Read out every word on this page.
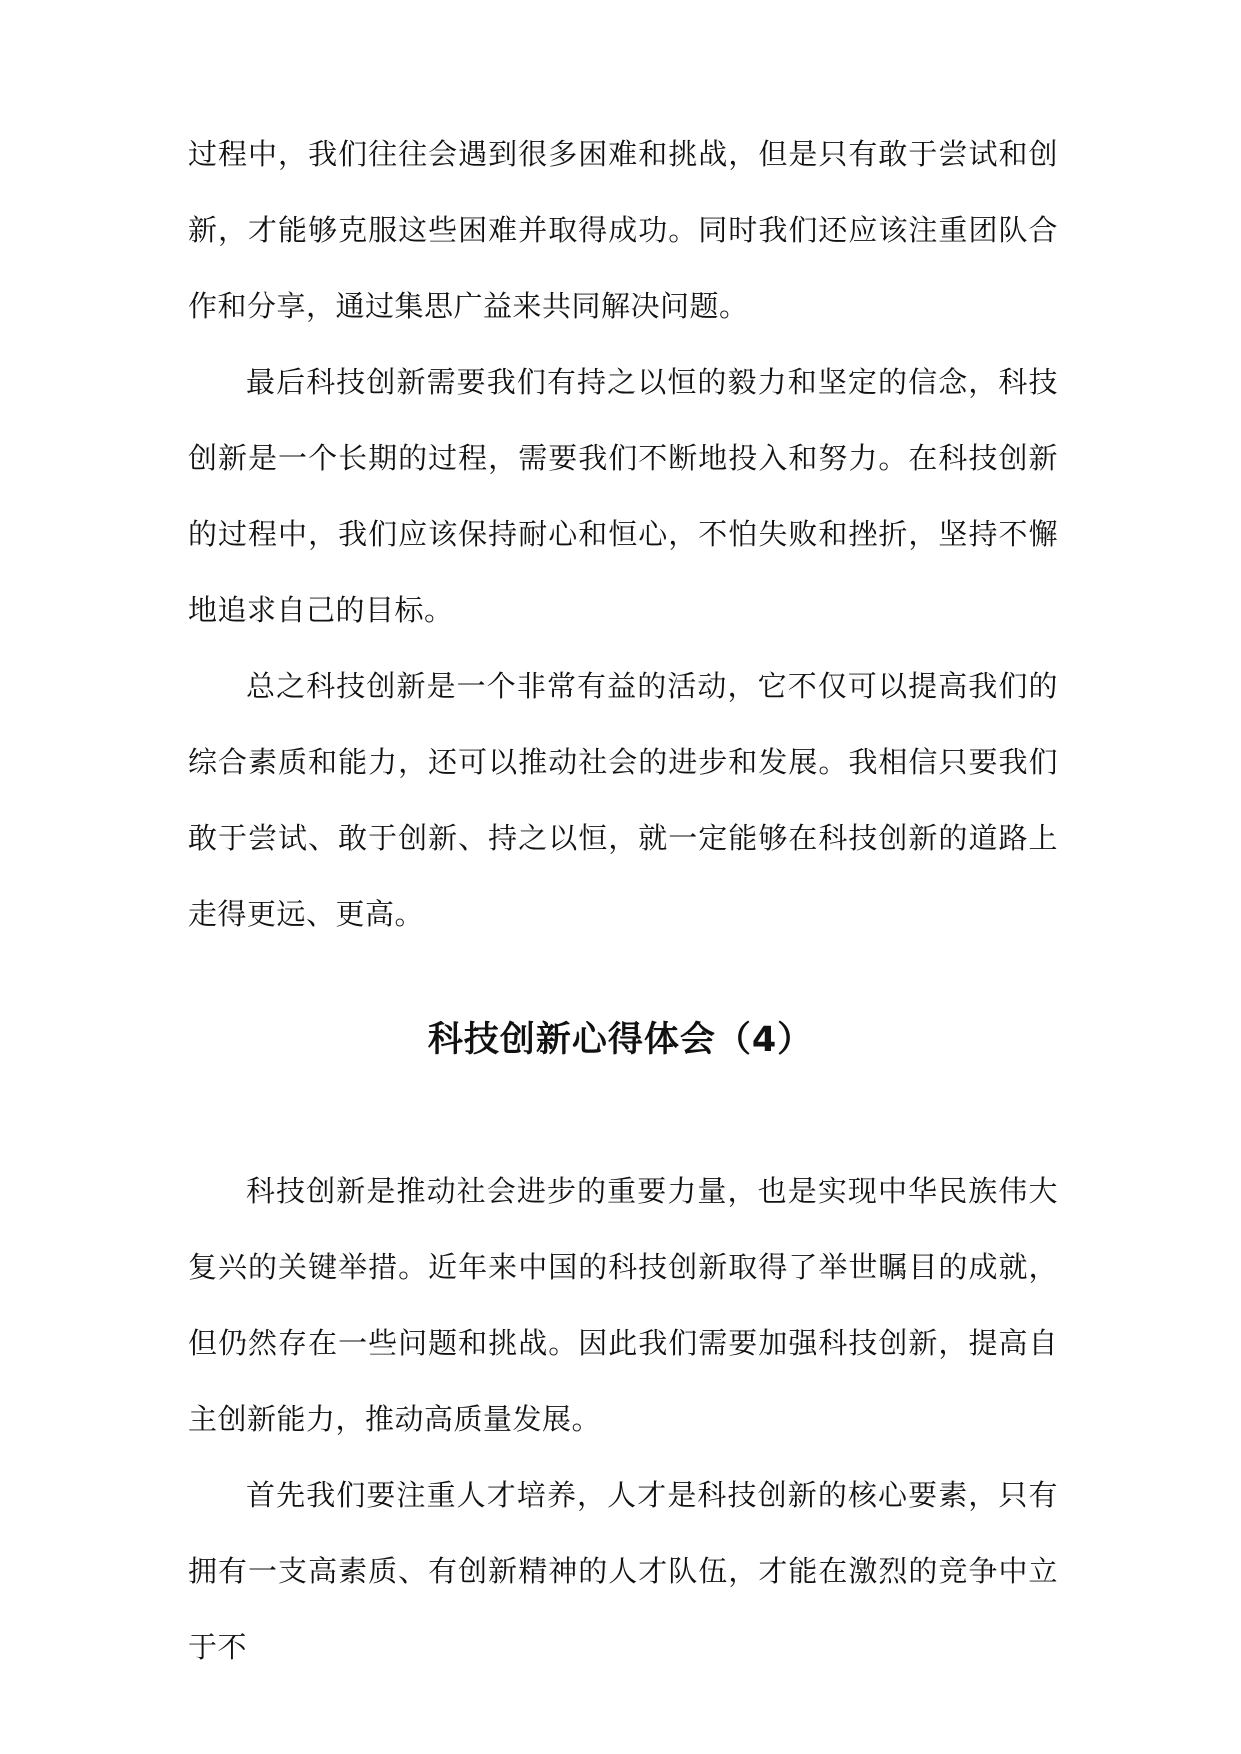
过程中，我们往往会遇到很多困难和挑战，但是只有敢于尝试和创新，才能够克服这些困难并取得成功。同时我们还应该注重团队合作和分享，通过集思广益来共同解决问题。
最后科技创新需要我们有持之以恒的毅力和坚定的信念，科技创新是一个长期的过程，需要我们不断地投入和努力。在科技创新的过程中，我们应该保持耐心和恒心，不怕失败和挫折，坚持不懈地追求自己的目标。
总之科技创新是一个非常有益的活动，它不仅可以提高我们的综合素质和能力，还可以推动社会的进步和发展。我相信只要我们敢于尝试、敢于创新、持之以恒，就一定能够在科技创新的道路上走得更远、更高。
科技创新心得体会（4）
科技创新是推动社会进步的重要力量，也是实现中华民族伟大复兴的关键举措。近年来中国的科技创新取得了举世瞩目的成就，但仍然存在一些问题和挑战。因此我们需要加强科技创新，提高自主创新能力，推动高质量发展。
首先我们要注重人才培养，人才是科技创新的核心要素，只有拥有一支高素质、有创新精神的人才队伍，才能在激烈的竞争中立于不
